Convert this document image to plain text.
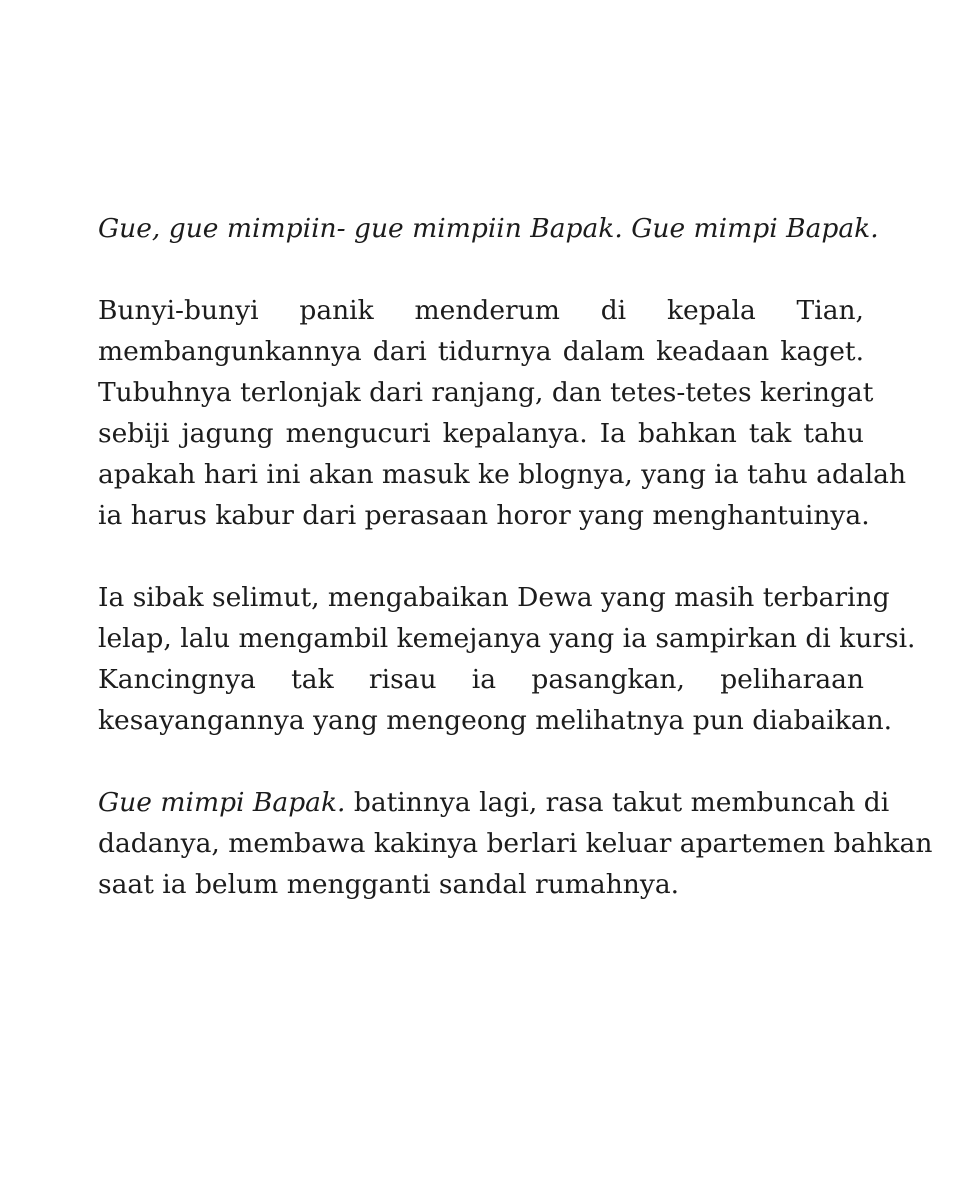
Gue, gue mimpiin- gue mimpiin Bapak. Gue mimpi Bapak.

Bunyi-bunyi panik menderum di kepala Tian,
membangunkannya dari tidurnya dalam keadaan kaget.
Tubuhnya terlonjak dari ranjang, dan tetes-tetes keringat
sebiji jagung mengucuri kepalanya. Ia bahkan tak tahu
apakah hari ini akan masuk ke blognya, yang ia tahu adalah
ia harus kabur dari perasaan horor yang menghantuinya.
Ia sibak selimut, mengabaikan Dewa yang masih terbaring
lelap, lalu mengambil kemejanya yang ia sampirkan di kursi.
Kancingnya tak risau ia pasangkan, peliharaan
kesayangannya yang mengeong melihatnya pun diabaikan.
Gue mimpi Bapak. batinnya lagi, rasa takut membuncah di
dadanya, membawa kakinya berlari keluar apartemen bahkan
saat ia belum mengganti sandal rumahnya.
